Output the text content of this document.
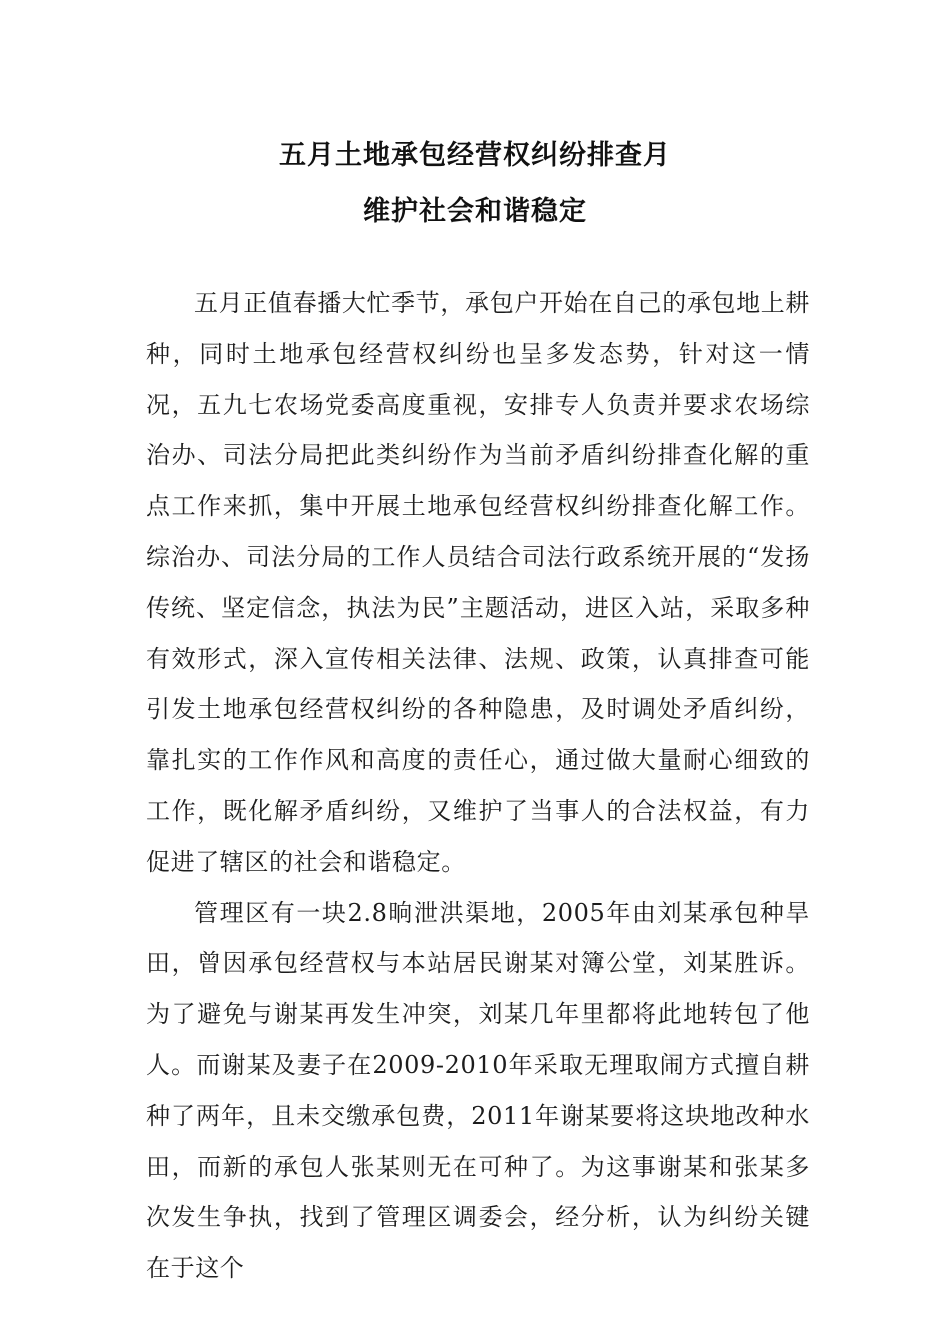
五月土地承包经营权纠纷排查月
维护社会和谐稳定

五月正值春播大忙季节，承包户开始在自己的承包地上耕种，同时土地承包经营权纠纷也呈多发态势，针对这一情况，五九七农场党委高度重视，安排专人负责并要求农场综治办、司法分局把此类纠纷作为当前矛盾纠纷排查化解的重点工作来抓，集中开展土地承包经营权纠纷排查化解工作。综治办、司法分局的工作人员结合司法行政系统开展的“发扬传统、坚定信念，执法为民”主题活动，进区入站，采取多种有效形式，深入宣传相关法律、法规、政策，认真排查可能引发土地承包经营权纠纷的各种隐患，及时调处矛盾纠纷，靠扎实的工作作风和高度的责任心，通过做大量耐心细致的工作，既化解矛盾纠纷，又维护了当事人的合法权益，有力促进了辖区的社会和谐稳定。

管理区有一块2.8晌泄洪渠地，2005年由刘某承包种旱田，曾因承包经营权与本站居民谢某对簿公堂，刘某胜诉。为了避免与谢某再发生冲突，刘某几年里都将此地转包了他人。而谢某及妻子在2009-2010年采取无理取闹方式擅自耕种了两年，且未交缴承包费，2011年谢某要将这块地改种水田，而新的承包人张某则无在可种了。为这事谢某和张某多次发生争执，找到了管理区调委会，经分析，认为纠纷关键在于这个
